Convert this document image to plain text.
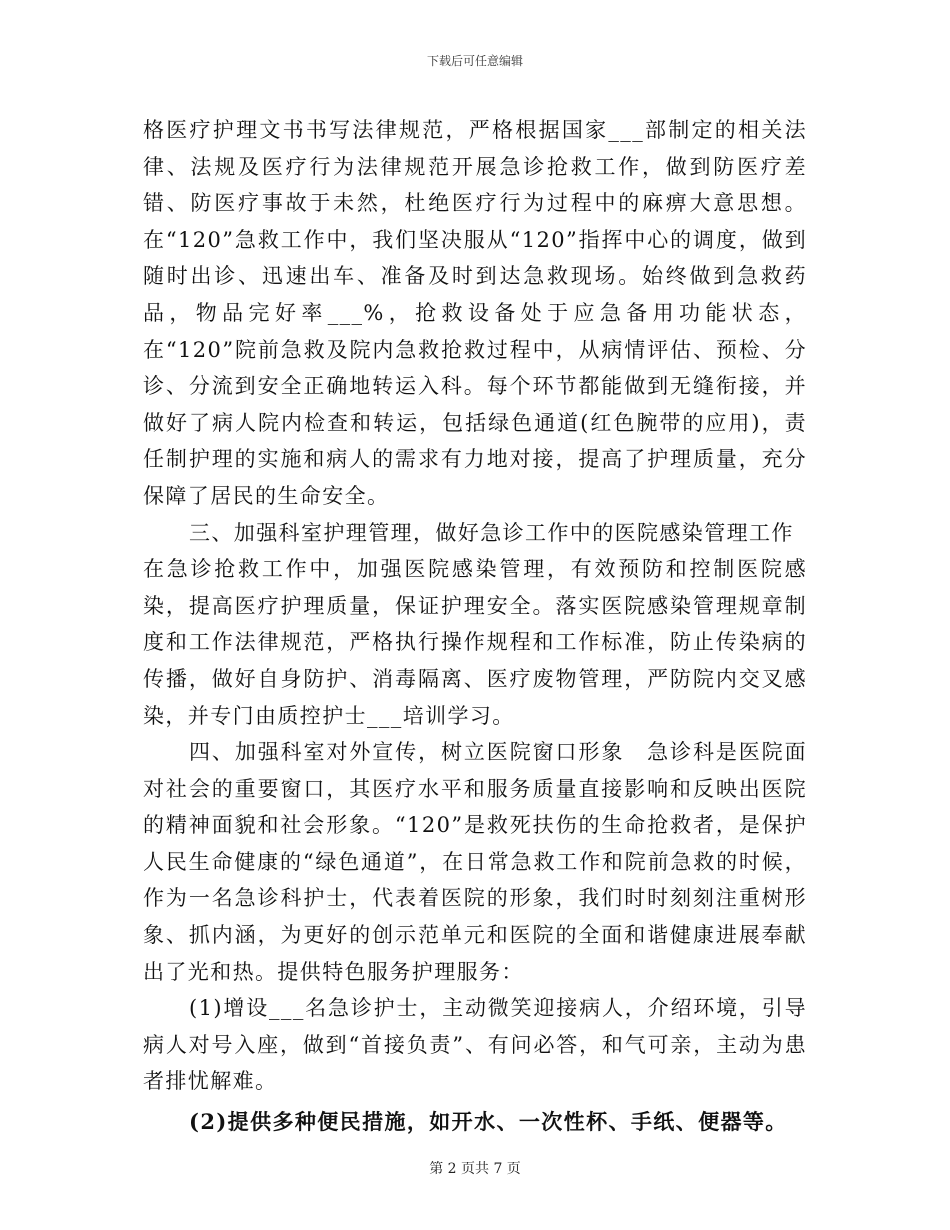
下载后可任意编辑

格医疗护理文书书写法律规范，严格根据国家___部制定的相关法律、法规及医疗行为法律规范开展急诊抢救工作，做到防医疗差错、防医疗事故于未然，杜绝医疗行为过程中的麻痹大意思想。 在“120”急救工作中，我们坚决服从“120”指挥中心的调度，做到随时出诊、迅速出车、准备及时到达急救现场。始终做到急救药品，物品完好率___%，抢救设备处于应急备用功能状态，在“120”院前急救及院内急救抢救过程中，从病情评估、预检、分诊、分流到安全正确地转运入科。每个环节都能做到无缝衔接，并做好了病人院内检查和转运，包括绿色通道(红色腕带的应用)，责任制护理的实施和病人的需求有力地对接，提高了护理质量，充分保障了居民的生命安全。

三、加强科室护理管理，做好急诊工作中的医院感染管理工作

在急诊抢救工作中，加强医院感染管理，有效预防和控制医院感染，提高医疗护理质量，保证护理安全。落实医院感染管理规章制度和工作法律规范，严格执行操作规程和工作标准，防止传染病的传播，做好自身防护、消毒隔离、医疗废物管理，严防院内交叉感染，并专门由质控护士___培训学习。

四、加强科室对外宣传，树立医院窗口形象　急诊科是医院面对社会的重要窗口，其医疗水平和服务质量直接影响和反映出医院的精神面貌和社会形象。“120”是救死扶伤的生命抢救者，是保护人民生命健康的“绿色通道”，在日常急救工作和院前急救的时候，作为一名急诊科护士，代表着医院的形象，我们时时刻刻注重树形象、抓内涵，为更好的创示范单元和医院的全面和谐健康进展奉献出了光和热。提供特色服务护理服务：

(1)增设___名急诊护士，主动微笑迎接病人，介绍环境，引导病人对号入座，做到“首接负责”、有问必答，和气可亲，主动为患者排忧解难。

(2)提供多种便民措施，如开水、一次性杯、手纸、便器等。

第 2 页共 7 页
